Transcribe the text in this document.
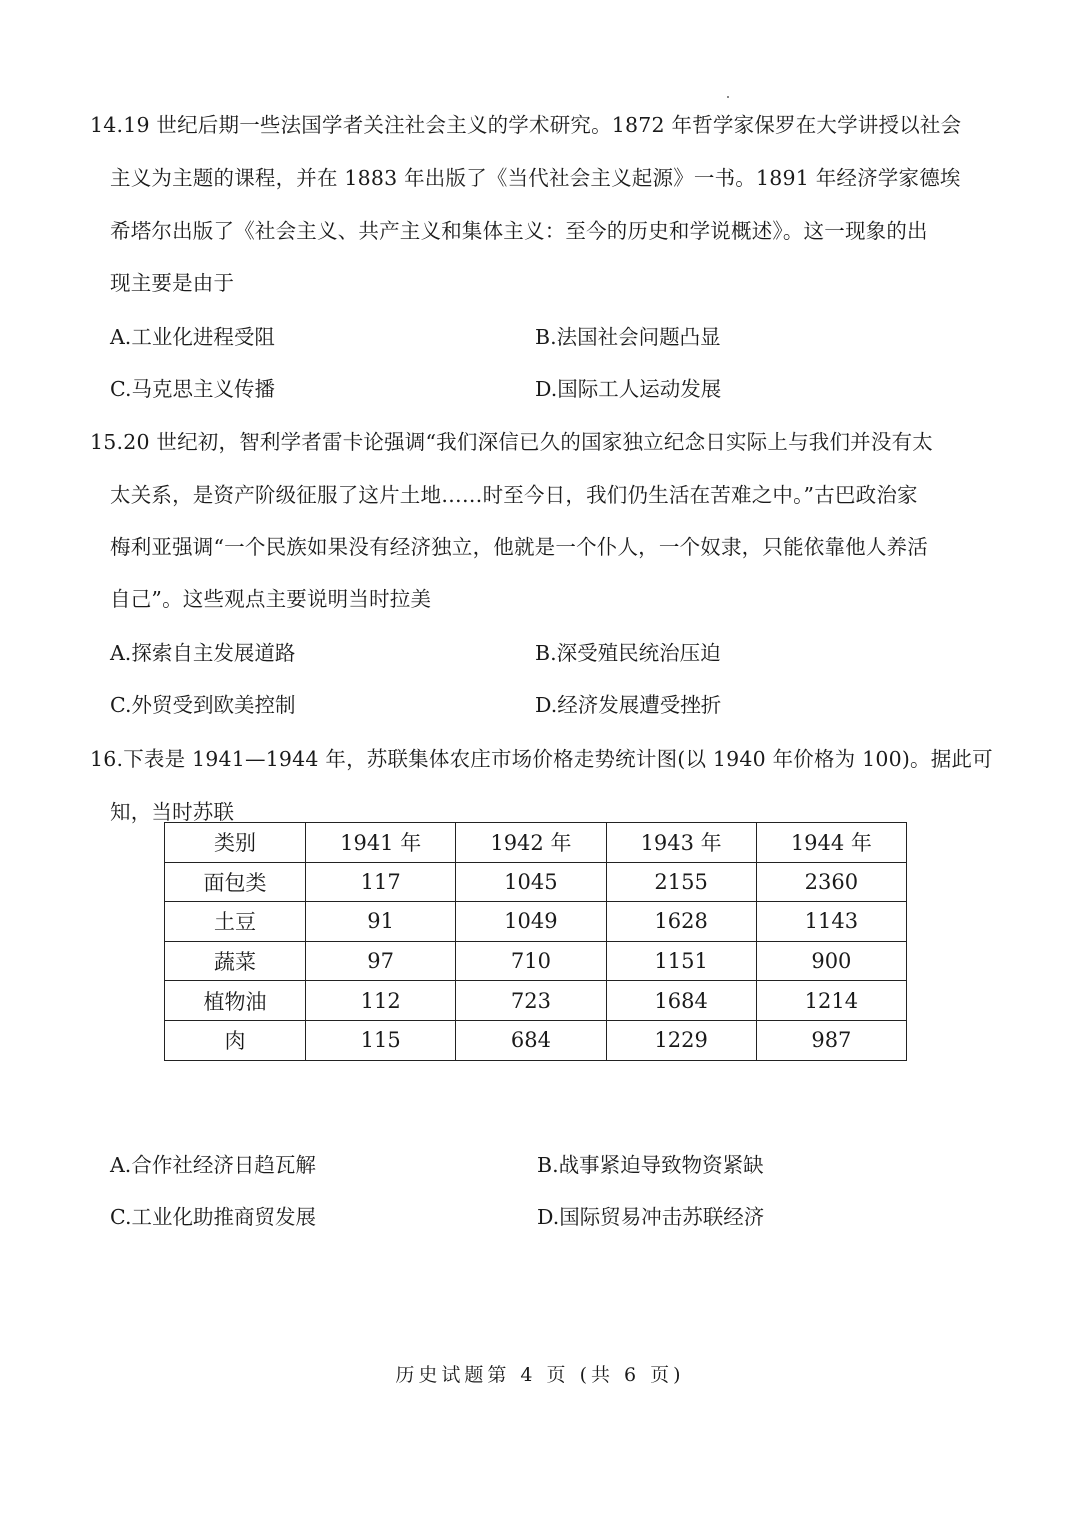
14.19 世纪后期一些法国学者关注社会主义的学术研究。1872 年哲学家保罗在大学讲授以社会
主义为主题的课程，并在 1883 年出版了《当代社会主义起源》一书。1891 年经济学家德埃
希塔尔出版了《社会主义、共产主义和集体主义：至今的历史和学说概述》。这一现象的出
现主要是由于
A.工业化进程受阻	B.法国社会问题凸显
C.马克思主义传播	D.国际工人运动发展
15.20 世纪初，智利学者雷卡论强调“我们深信已久的国家独立纪念日实际上与我们并没有太
太关系，是资产阶级征服了这片土地……时至今日，我们仍生活在苦难之中。”古巴政治家
梅利亚强调“一个民族如果没有经济独立，他就是一个仆人，一个奴隶，只能依靠他人养活
自己”。这些观点主要说明当时拉美
A.探索自主发展道路	B.深受殖民统治压迫
C.外贸受到欧美控制	D.经济发展遭受挫折
16.下表是 1941—1944 年，苏联集体农庄市场价格走势统计图(以 1940 年价格为 100)。据此可
知，当时苏联
类别	1941 年	1942 年	1943 年	1944 年
面包类	117	1045	2155	2360
土豆	91	1049	1628	1143
蔬菜	97	710	1151	900
植物油	112	723	1684	1214
肉	115	684	1229	987
A.合作社经济日趋瓦解	B.战事紧迫导致物资紧缺
C.工业化助推商贸发展	D.国际贸易冲击苏联经济
历史试题第 4 页 (共 6 页)
